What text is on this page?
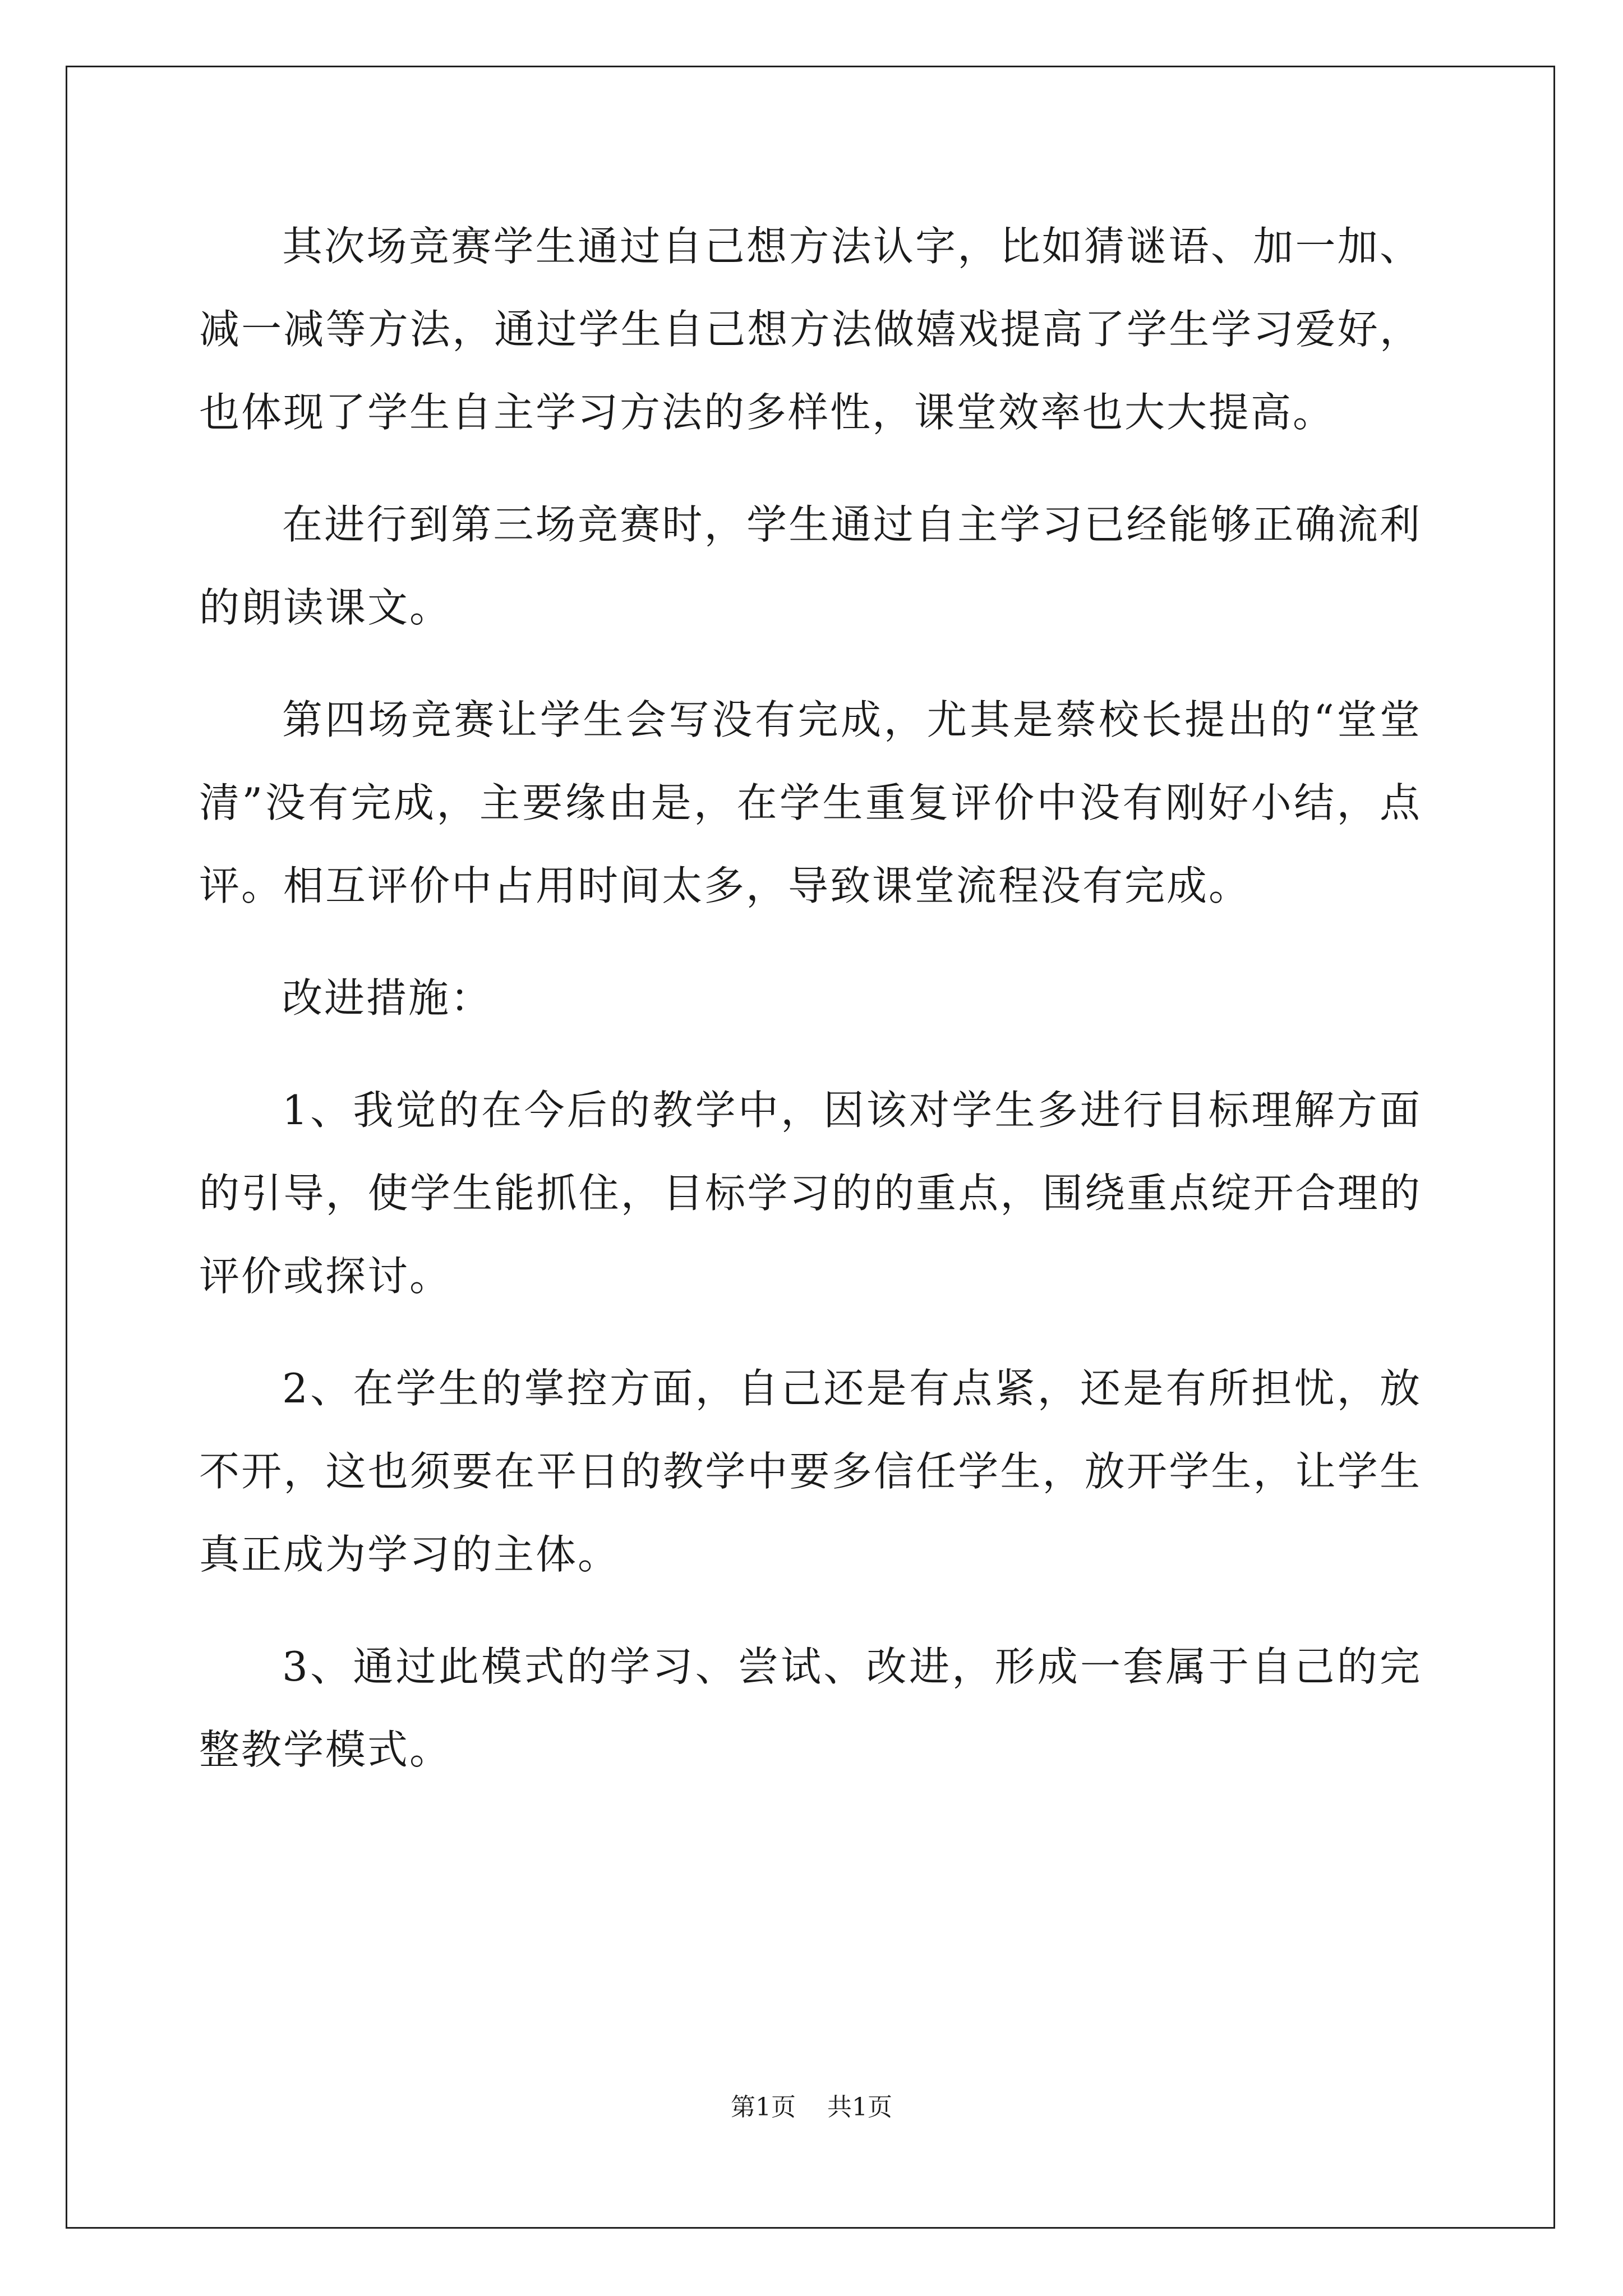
其次场竞赛学生通过自己想方法认字，比如猜谜语、加一加、减一减等方法，通过学生自己想方法做嬉戏提高了学生学习爱好，也体现了学生自主学习方法的多样性，课堂效率也大大提高。

在进行到第三场竞赛时，学生通过自主学习已经能够正确流利的朗读课文。

第四场竞赛让学生会写没有完成，尤其是蔡校长提出的“堂堂清”没有完成，主要缘由是，在学生重复评价中没有刚好小结，点评。相互评价中占用时间太多，导致课堂流程没有完成。

改进措施：

1、我觉的在今后的教学中，因该对学生多进行目标理解方面的引导，使学生能抓住，目标学习的的重点，围绕重点绽开合理的评价或探讨。

2、在学生的掌控方面，自己还是有点紧，还是有所担忧，放不开，这也须要在平日的教学中要多信任学生，放开学生，让学生真正成为学习的主体。

3、通过此模式的学习、尝试、改进，形成一套属于自己的完整教学模式。

第1页 共1页
